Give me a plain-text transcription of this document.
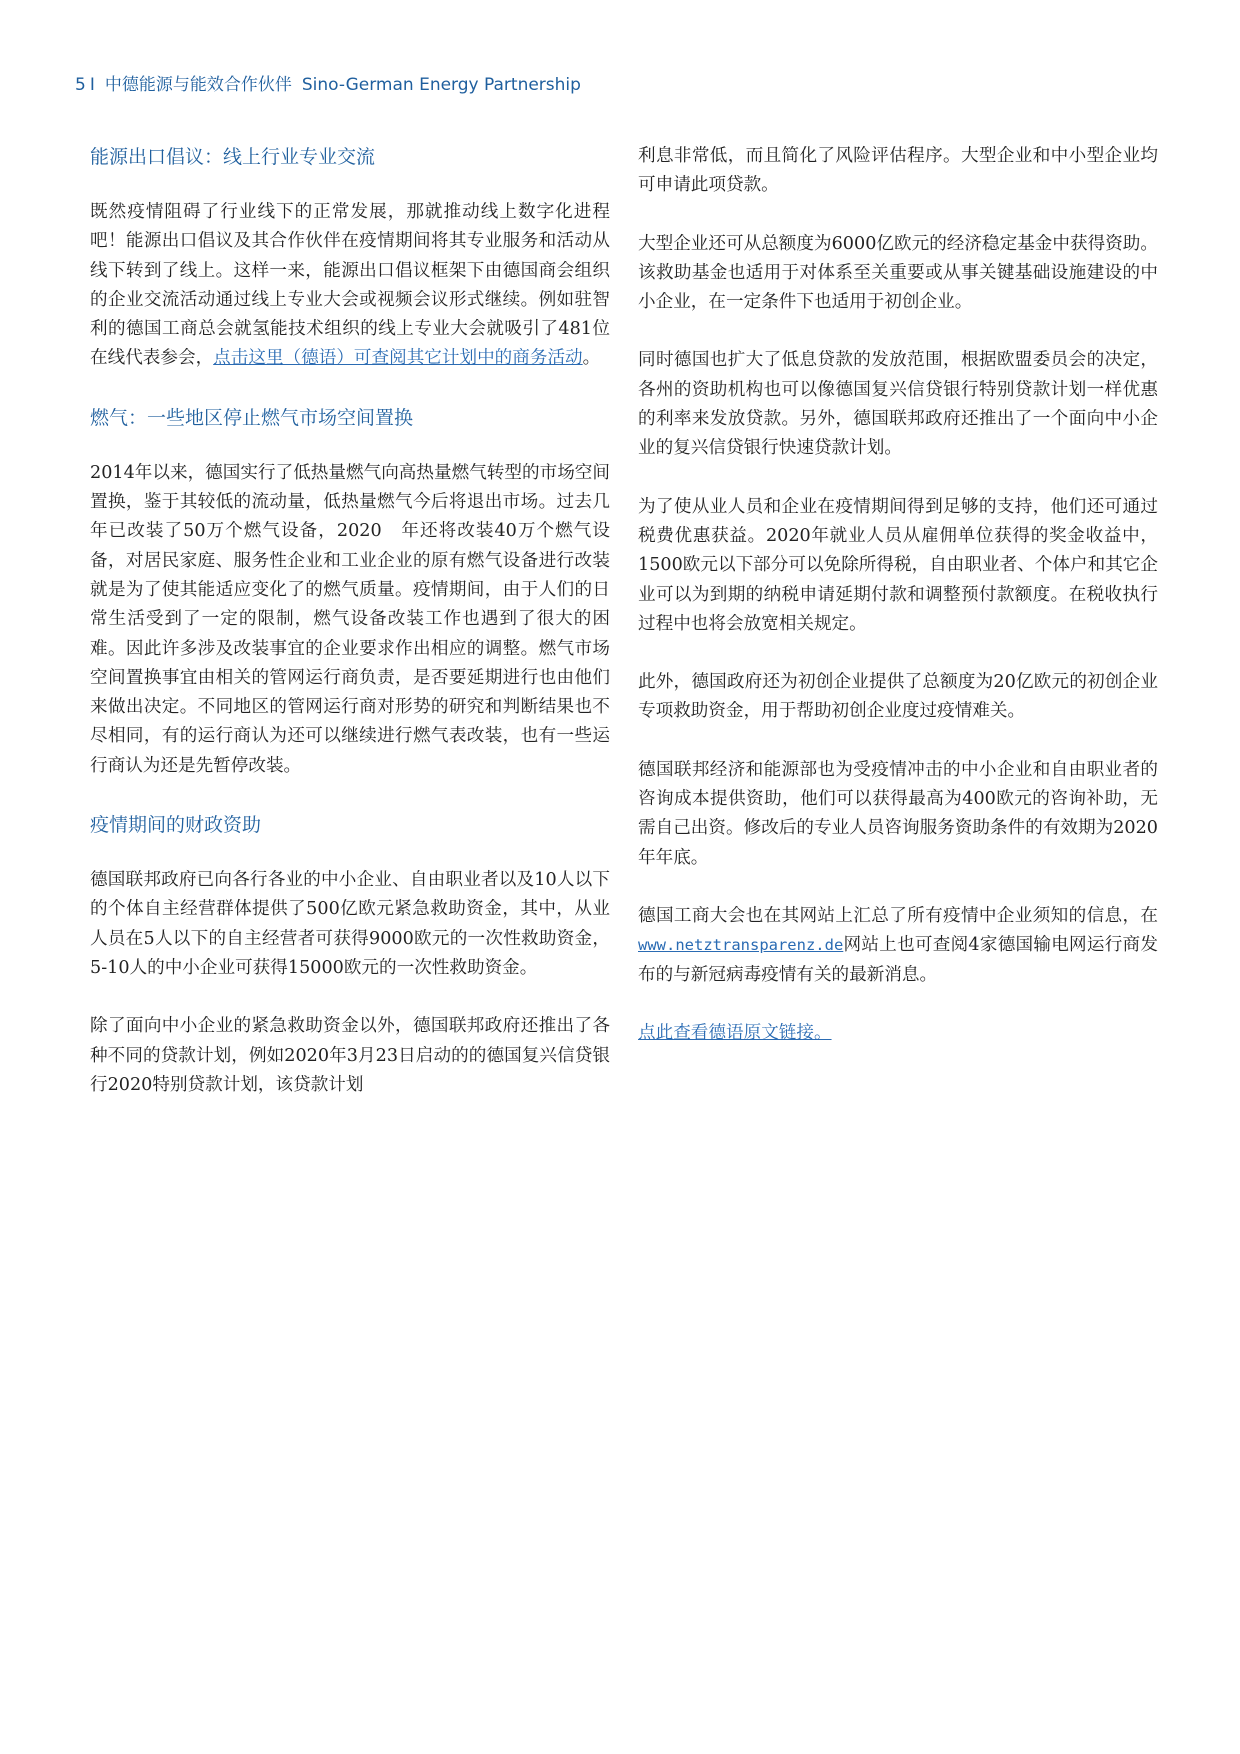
5 I 中德能源与能效合作伙伴 Sino-German Energy Partnership
能源出口倡议：线上行业专业交流

既然疫情阻碍了行业线下的正常发展，那就推动线上数字化进程吧！能源出口倡议及其合作伙伴在疫情期间将其专业服务和活动从线下转到了线上。这样一来，能源出口倡议框架下由德国商会组织的企业交流活动通过线上专业大会或视频会议形式继续。例如驻智利的德国工商总会就氢能技术组织的线上专业大会就吸引了481位在线代表参会，点击这里（德语）可查阅其它计划中的商务活动。

燃气：一些地区停止燃气市场空间置换

2014年以来，德国实行了低热量燃气向高热量燃气转型的市场空间置换，鉴于其较低的流动量，低热量燃气今后将退出市场。过去几年已改装了50万个燃气设备，2020　年还将改装40万个燃气设备，对居民家庭、服务性企业和工业企业的原有燃气设备进行改装就是为了使其能适应变化了的燃气质量。疫情期间，由于人们的日常生活受到了一定的限制，燃气设备改装工作也遇到了很大的困难。因此许多涉及改装事宜的企业要求作出相应的调整。燃气市场空间置换事宜由相关的管网运行商负责，是否要延期进行也由他们来做出决定。不同地区的管网运行商对形势的研究和判断结果也不尽相同，有的运行商认为还可以继续进行燃气表改装，也有一些运行商认为还是先暂停改装。

疫情期间的财政资助

德国联邦政府已向各行各业的中小企业、自由职业者以及10人以下的个体自主经营群体提供了500亿欧元紧急救助资金，其中，从业人员在5人以下的自主经营者可获得9000欧元的一次性救助资金，5-10人的中小企业可获得15000欧元的一次性救助资金。

除了面向中小企业的紧急救助资金以外，德国联邦政府还推出了各种不同的贷款计划，例如2020年3月23日启动的的德国复兴信贷银行2020特别贷款计划，该贷款计划

利息非常低，而且简化了风险评估程序。大型企业和中小型企业均可申请此项贷款。

大型企业还可从总额度为6000亿欧元的经济稳定基金中获得资助。该救助基金也适用于对体系至关重要或从事关键基础设施建设的中小企业，在一定条件下也适用于初创企业。

同时德国也扩大了低息贷款的发放范围，根据欧盟委员会的决定，各州的资助机构也可以像德国复兴信贷银行特别贷款计划一样优惠的利率来发放贷款。另外，德国联邦政府还推出了一个面向中小企业的复兴信贷银行快速贷款计划。

为了使从业人员和企业在疫情期间得到足够的支持，他们还可通过税费优惠获益。2020年就业人员从雇佣单位获得的奖金收益中，1500欧元以下部分可以免除所得税，自由职业者、个体户和其它企业可以为到期的纳税申请延期付款和调整预付款额度。在税收执行过程中也将会放宽相关规定。

此外，德国政府还为初创企业提供了总额度为20亿欧元的初创企业专项救助资金，用于帮助初创企业度过疫情难关。

德国联邦经济和能源部也为受疫情冲击的中小企业和自由职业者的咨询成本提供资助，他们可以获得最高为400欧元的咨询补助，无需自己出资。修改后的专业人员咨询服务资助条件的有效期为2020年年底。

德国工商大会也在其网站上汇总了所有疫情中企业须知的信息，在www.netztransparenz.de网站上也可查阅4家德国输电网运行商发布的与新冠病毒疫情有关的最新消息。

点此查看德语原文链接。
